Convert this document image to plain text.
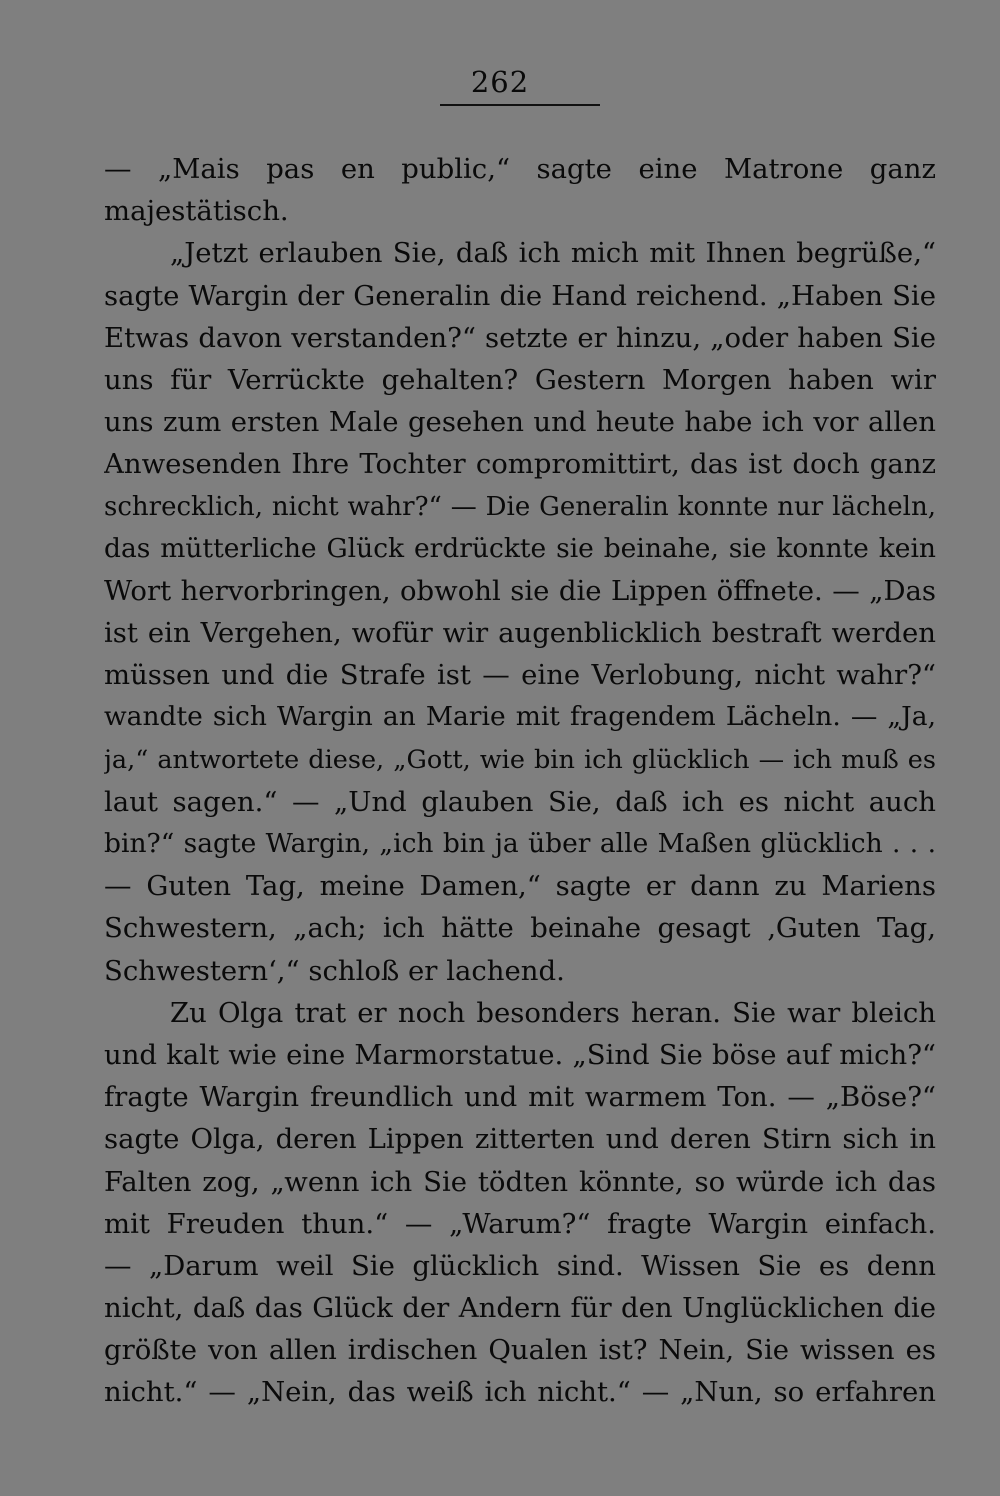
262
— „Mais pas en public,“ sagte eine Matrone ganz
majestätisch.
„Jetzt erlauben Sie, daß ich mich mit Ihnen begrüße,“
sagte Wargin der Generalin die Hand reichend. „Haben Sie
Etwas davon verstanden?“ setzte er hinzu, „oder haben Sie
uns für Verrückte gehalten? Gestern Morgen haben wir
uns zum ersten Male gesehen und heute habe ich vor allen
Anwesenden Ihre Tochter compromittirt, das ist doch ganz
schrecklich, nicht wahr?“ — Die Generalin konnte nur lächeln,
das mütterliche Glück erdrückte sie beinahe, sie konnte kein
Wort hervorbringen, obwohl sie die Lippen öffnete. — „Das
ist ein Vergehen, wofür wir augenblicklich bestraft werden
müssen und die Strafe ist — eine Verlobung, nicht wahr?“
wandte sich Wargin an Marie mit fragendem Lächeln. — „Ja,
ja,“ antwortete diese, „Gott, wie bin ich glücklich — ich muß es
laut sagen.“ — „Und glauben Sie, daß ich es nicht auch
bin?“ sagte Wargin, „ich bin ja über alle Maßen glücklich . . .
— Guten Tag, meine Damen,“ sagte er dann zu Mariens
Schwestern, „ach; ich hätte beinahe gesagt ‚Guten Tag,
Schwestern‘,“ schloß er lachend.
Zu Olga trat er noch besonders heran. Sie war bleich
und kalt wie eine Marmorstatue. „Sind Sie böse auf mich?“
fragte Wargin freundlich und mit warmem Ton. — „Böse?“
sagte Olga, deren Lippen zitterten und deren Stirn sich in
Falten zog, „wenn ich Sie tödten könnte, so würde ich das
mit Freuden thun.“ — „Warum?“ fragte Wargin einfach.
— „Darum weil Sie glücklich sind. Wissen Sie es denn
nicht, daß das Glück der Andern für den Unglücklichen die
größte von allen irdischen Qualen ist? Nein, Sie wissen es
nicht.“ — „Nein, das weiß ich nicht.“ — „Nun, so erfahren
